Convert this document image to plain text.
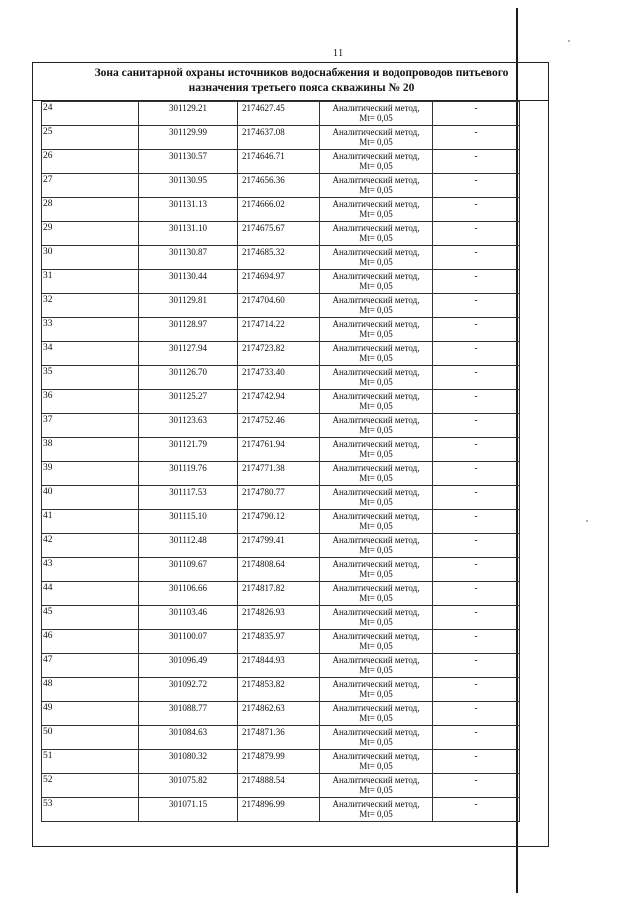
11
Зона санитарной охраны источников водоснабжения и водопроводов питьевого
назначения третьего пояса скважины № 20
24	301129.21	2174627.45	Аналитический метод,
Mt= 0,05	-
25	301129.99	2174637.08	Аналитический метод,
Mt= 0,05	-
26	301130.57	2174646.71	Аналитический метод,
Mt= 0,05	-
27	301130.95	2174656.36	Аналитический метод,
Mt= 0,05	-
28	301131.13	2174666.02	Аналитический метод,
Mt= 0,05	-
29	301131.10	2174675.67	Аналитический метод,
Mt= 0,05	-
30	301130.87	2174685.32	Аналитический метод,
Mt= 0,05	-
31	301130.44	2174694.97	Аналитический метод,
Mt= 0,05	-
32	301129.81	2174704.60	Аналитический метод,
Mt= 0,05	-
33	301128.97	2174714.22	Аналитический метод,
Mt= 0,05	-
34	301127.94	2174723.82	Аналитический метод,
Mt= 0,05	-
35	301126.70	2174733.40	Аналитический метод,
Mt= 0,05	-
36	301125.27	2174742.94	Аналитический метод,
Mt= 0,05	-
37	301123.63	2174752.46	Аналитический метод,
Mt= 0,05	-
38	301121.79	2174761.94	Аналитический метод,
Mt= 0,05	-
39	301119.76	2174771.38	Аналитический метод,
Mt= 0,05	-
40	301117.53	2174780.77	Аналитический метод,
Mt= 0,05	-
41	301115.10	2174790.12	Аналитический метод,
Mt= 0,05	-
42	301112.48	2174799.41	Аналитический метод,
Mt= 0,05	-
43	301109.67	2174808.64	Аналитический метод,
Mt= 0,05	-
44	301106.66	2174817.82	Аналитический метод,
Mt= 0,05	-
45	301103.46	2174826.93	Аналитический метод,
Mt= 0,05	-
46	301100.07	2174835.97	Аналитический метод,
Mt= 0,05	-
47	301096.49	2174844.93	Аналитический метод,
Mt= 0,05	-
48	301092.72	2174853.82	Аналитический метод,
Mt= 0,05	-
49	301088.77	2174862.63	Аналитический метод,
Mt= 0,05	-
50	301084.63	2174871.36	Аналитический метод,
Mt= 0,05	-
51	301080.32	2174879.99	Аналитический метод,
Mt= 0,05	-
52	301075.82	2174888.54	Аналитический метод,
Mt= 0,05	-
53	301071.15	2174896.99	Аналитический метод,
Mt= 0,05	-
